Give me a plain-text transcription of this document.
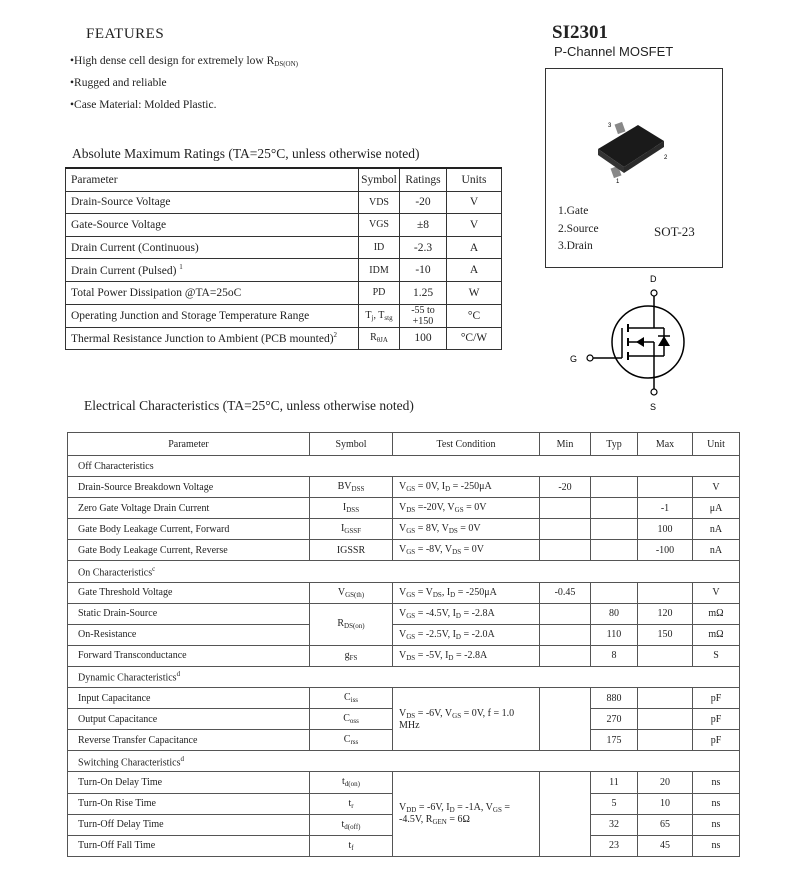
FEATURES
•High dense cell design for extremely low $R_{DS(ON)}$
•Rugged and reliable
•Case Material: Molded Plastic.
SI2301
P-Channel MOSFET
3
2
1
1.Gate
2.Source
3.Drain
SOT-23
D
G
S
Absolute Maximum Ratings (TA=25°C, unless otherwise noted)
Parameter	Symbol	Ratings	Units
Drain-Source Voltage	VDS	-20	V
Gate-Source Voltage	VGS	±8	V
Drain Current (Continuous)	ID	-2.3	A
Drain Current (Pulsed) $^1$	IDM	-10	A
Total Power Dissipation @TA=25oC	PD	1.25	W
Operating Junction and Storage Temperature Range	$T_j$, $T_{stg}$	-55 to +150	°C
Thermal Resistance Junction to Ambient (PCB mounted)$^2$	$R_{\theta JA}$	100	°C/W
Electrical Characteristics (TA=25°C, unless otherwise noted)
Parameter	Symbol	Test Condition	Min	Typ	Max	Unit
Off Characteristics						
Drain-Source Breakdown Voltage	$BV_{DSS}$	$V_{GS} = 0V$, $I_D = -250\mu A$	-20			V
Zero Gate Voltage Drain Current	$I_{DSS}$	$V_{DS} =-20V$, $V_{GS} = 0V$			-1	μA
Gate Body Leakage Current, Forward	$I_{GSSF}$	$V_{GS} = 8V$, $V_{DS} = 0V$			100	nA
Gate Body Leakage Current, Reverse	IGSSR	$V_{GS} = -8V$, $V_{DS} = 0V$			-100	nA
On Characteristics$^c$
Gate Threshold Voltage	$V_{GS(th)}$	$V_{GS} = V_{DS}$, $I_D = -250\mu A$	-0.45			V
Static Drain-Source	$R_{DS(on)}$	$V_{GS} = -4.5V$, $I_D = -2.8A$		80	120	mΩ
On-Resistance		$V_{GS} = -2.5V$, $I_D = -2.0A$		110	150	mΩ
Forward Transconductance	$g_{FS}$	$V_{DS} = -5V$, $I_D = -2.8A$		8		S
Dynamic Characteristics$^d$
Input Capacitance	$C_{iss}$	$V_{DS} = -6V$, $V_{GS} = 0V$, f = 1.0 MHz		880		pF
Output Capacitance	$C_{oss}$			270		pF
Reverse Transfer Capacitance	$C_{rss}$			175		pF
Switching Characteristics$^d$
Turn-On Delay Time	$t_{d(on)}$	$V_{DD} = -6V$, $I_D = -1A$, $V_{GS} = -4.5V$, $R_{GEN} = 6\Omega$		11	20	ns
Turn-On Rise Time	$t_r$			5	10	ns
Turn-Off Delay Time	$t_{d(off)}$			32	65	ns
Turn-Off Fall Time	$t_f$			23	45	ns
